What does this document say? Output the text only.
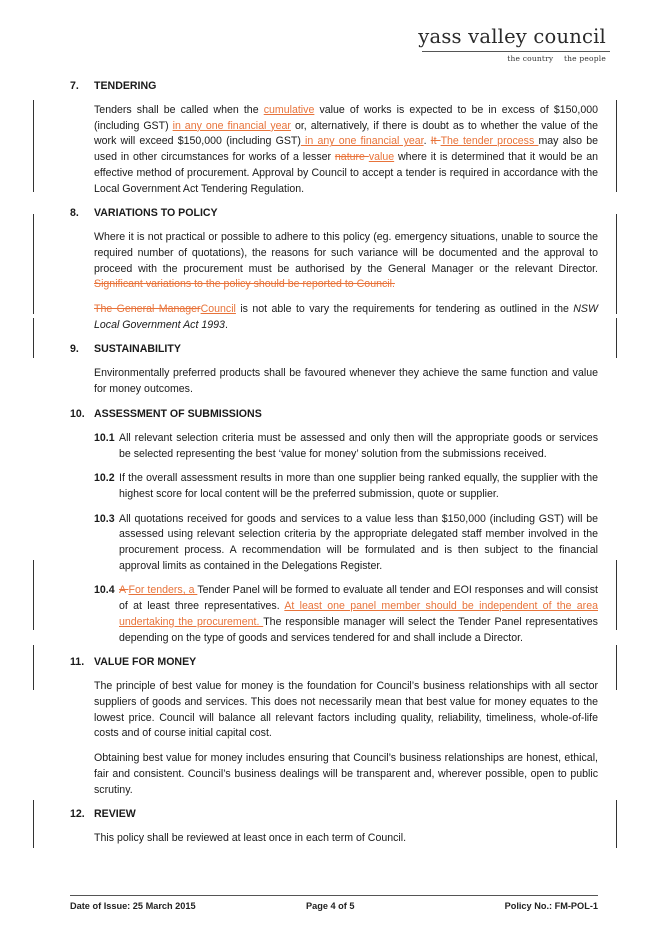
yass valley council
the country the people
7.	TENDERING

Tenders shall be called when the cumulative value of works is expected to be in excess of $150,000 (including GST) in any one financial year or, alternatively, if there is doubt as to whether the value of the work will exceed $150,000 (including GST) in any one financial year. It The tender process may also be used in other circumstances for works of a lesser nature value where it is determined that it would be an effective method of procurement. Approval by Council to accept a tender is required in accordance with the Local Government Act Tendering Regulation.

8.	VARIATIONS TO POLICY

Where it is not practical or possible to adhere to this policy (eg. emergency situations, unable to source the required number of quotations), the reasons for such variance will be documented and the approval to proceed with the procurement must be authorised by the General Manager or the relevant Director. Significant variations to the policy should be reported to Council.

The General ManagerCouncil is not able to vary the requirements for tendering as outlined in the NSW Local Government Act 1993.

9.	SUSTAINABILITY

Environmentally preferred products shall be favoured whenever they achieve the same function and value for money outcomes.

10. ASSESSMENT OF SUBMISSIONS
10.1 All relevant selection criteria must be assessed and only then will the appropriate goods or services be selected representing the best ‘value for money’ solution from the submissions received.
10.2 If the overall assessment results in more than one supplier being ranked equally, the supplier with the highest score for local content will be the preferred submission, quote or supplier.
10.3 All quotations received for goods and services to a value less than $150,000 (including GST) will be assessed using relevant selection criteria by the appropriate delegated staff member involved in the procurement process. A recommendation will be formulated and is then subject to the financial approval limits as contained in the Delegations Register.
10.4 A For tenders, a Tender Panel will be formed to evaluate all tender and EOI responses and will consist of at least three representatives. At least one panel member should be independent of the area undertaking the procurement. The responsible manager will select the Tender Panel representatives depending on the type of goods and services tendered for and shall include a Director.
11. VALUE FOR MONEY

The principle of best value for money is the foundation for Council’s business relationships with all sector suppliers of goods and services. This does not necessarily mean that best value for money equates to the lowest price. Council will balance all relevant factors including quality, reliability, timeliness, whole-of-life costs and of course initial capital cost.

Obtaining best value for money includes ensuring that Council’s business relationships are honest, ethical, fair and consistent. Council’s business dealings will be transparent and, wherever possible, open to public scrutiny.

12. REVIEW

This policy shall be reviewed at least once in each term of Council.

Date of Issue: 25 March 2015	Page 4 of 5	Policy No.: FM-POL-1
